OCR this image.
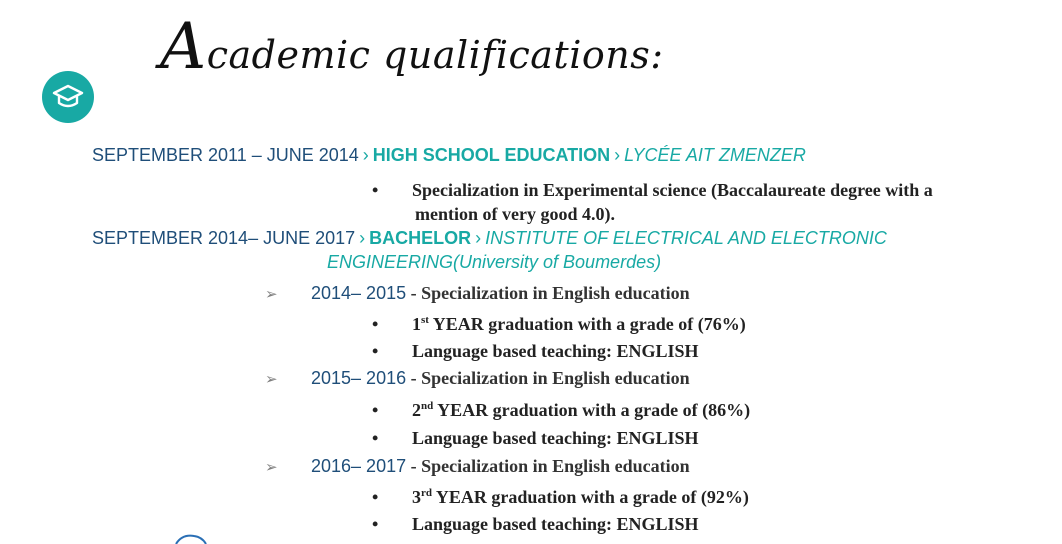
Academic qualifications:
SEPTEMBER 2011 – JUNE 2014 › HIGH SCHOOL EDUCATION › LYCÉE AIT ZMENZER
•	Specialization in Experimental science (Baccalaureate degree with a
mention of very good 4.0).
SEPTEMBER 2014– JUNE 2017 › BACHELOR › INSTITUTE OF ELECTRICAL AND ELECTRONIC
ENGINEERING(University of Boumerdes)
➢	2014– 2015 - Specialization in English education
•	1st YEAR graduation with a grade of (76%)
•	Language based teaching: ENGLISH
➢	2015– 2016 - Specialization in English education
•	2nd YEAR graduation with a grade of (86%)
•	Language based teaching: ENGLISH
➢	2016– 2017 - Specialization in English education
•	3rd YEAR graduation with a grade of (92%)
•	Language based teaching: ENGLISH
